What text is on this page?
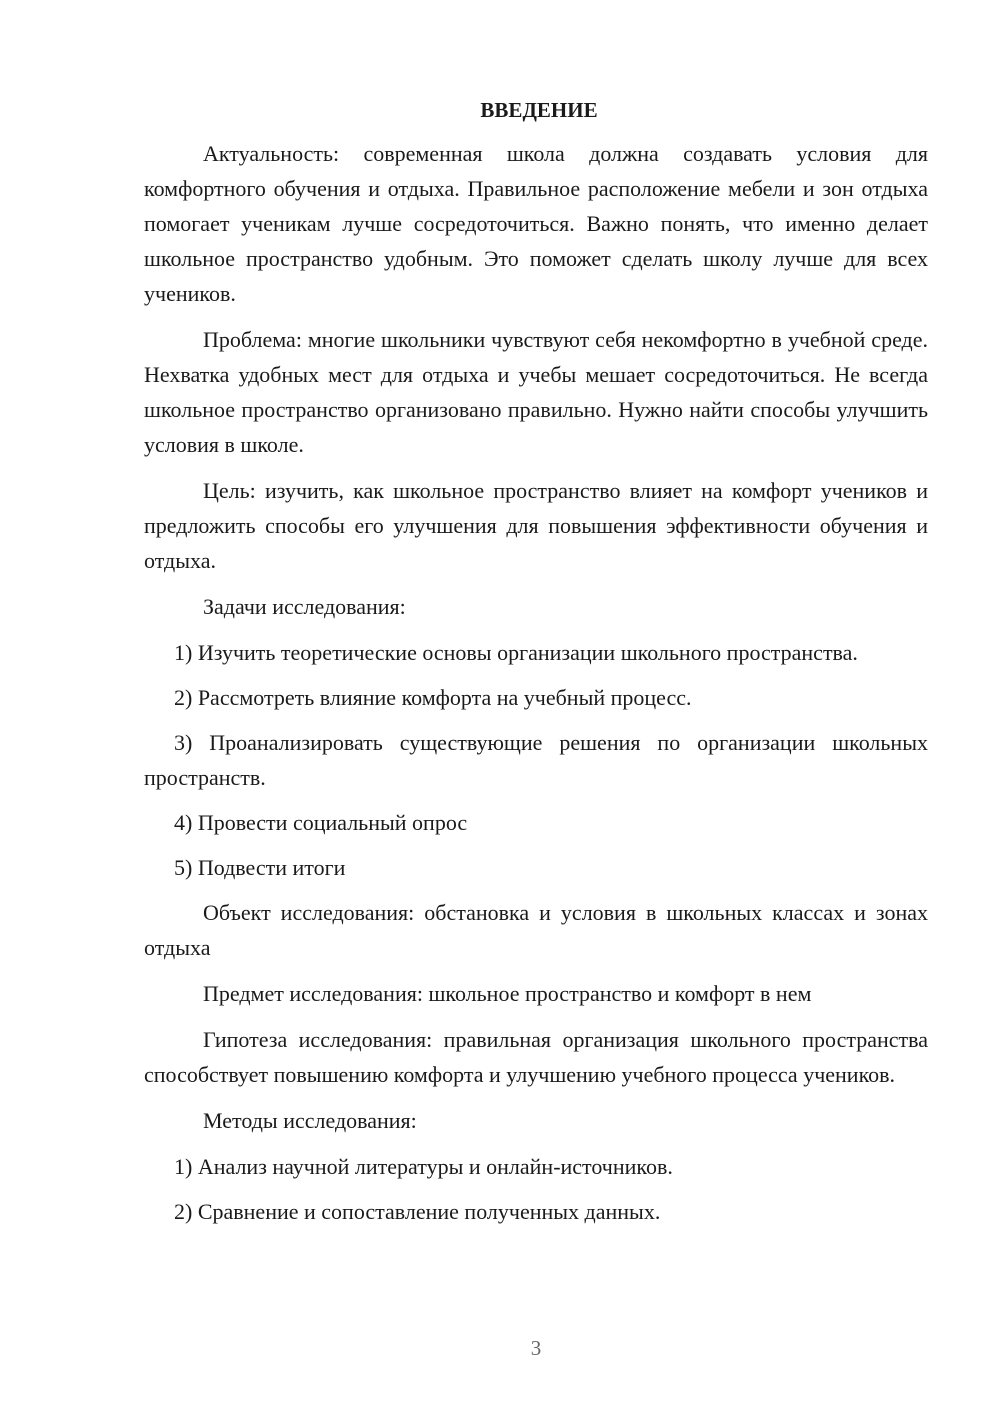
ВВЕДЕНИЕ

Актуальность: современная школа должна создавать условия для комфортного обучения и отдыха. Правильное расположение мебели и зон отдыха помогает ученикам лучше сосредоточиться. Важно понять, что именно делает школьное пространство удобным. Это поможет сделать школу лучше для всех учеников.

Проблема: многие школьники чувствуют себя некомфортно в учебной среде. Нехватка удобных мест для отдыха и учебы мешает сосредоточиться. Не всегда школьное пространство организовано правильно. Нужно найти способы улучшить условия в школе.

Цель: изучить, как школьное пространство влияет на комфорт учеников и предложить способы его улучшения для повышения эффективности обучения и отдыха.

Задачи исследования:

1) Изучить теоретические основы организации школьного пространства.

2) Рассмотреть влияние комфорта на учебный процесс.

3) Проанализировать существующие решения по организации школьных пространств.

4) Провести социальный опрос

5) Подвести итоги

Объект исследования: обстановка и условия в школьных классах и зонах отдыха

Предмет исследования: школьное пространство и комфорт в нем

Гипотеза исследования: правильная организация школьного пространства способствует повышению комфорта и улучшению учебного процесса учеников.

Методы исследования:

1) Анализ научной литературы и онлайн-источников.

2) Сравнение и сопоставление полученных данных.

3
